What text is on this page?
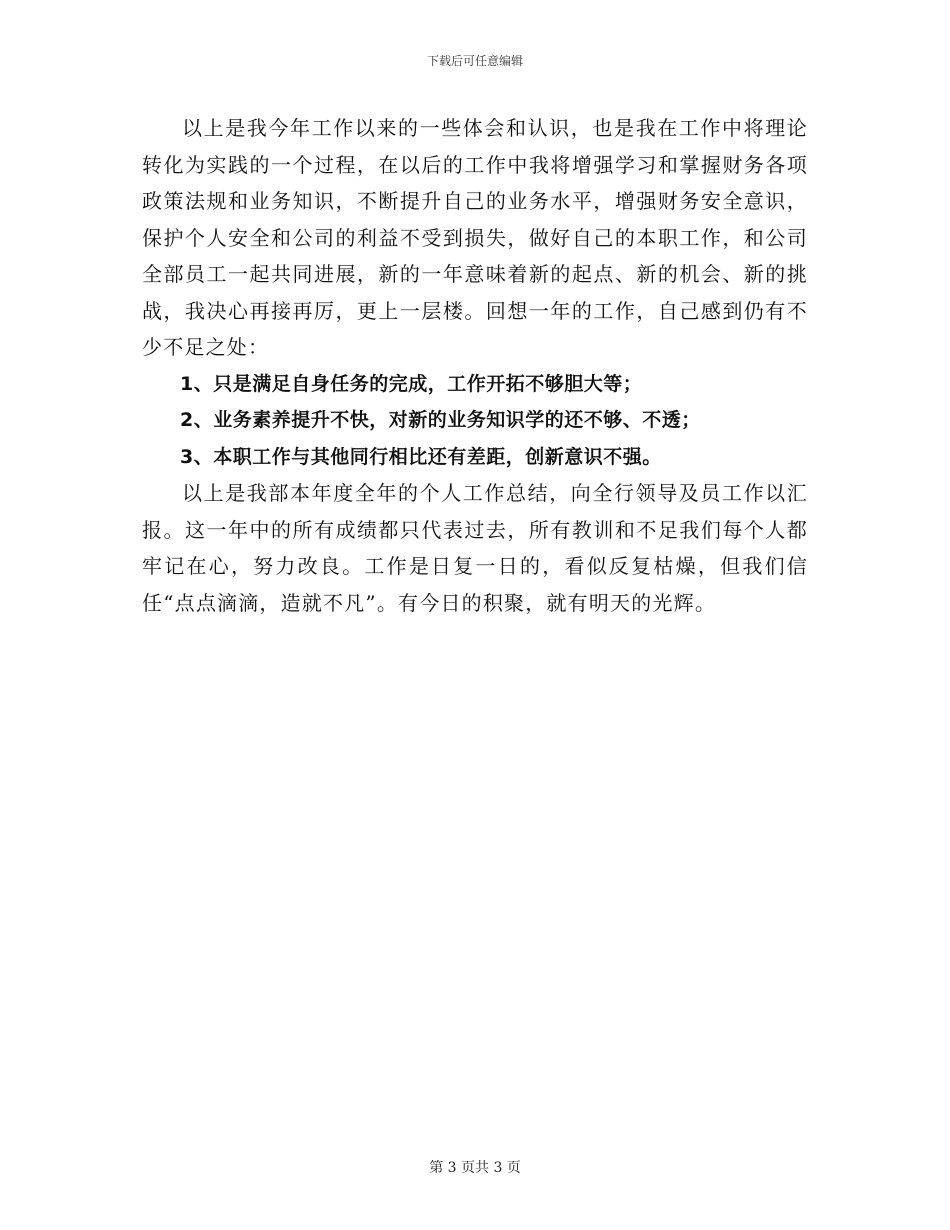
下载后可任意编辑

以上是我今年工作以来的一些体会和认识，也是我在工作中将理论转化为实践的一个过程，在以后的工作中我将增强学习和掌握财务各项政策法规和业务知识，不断提升自己的业务水平，增强财务安全意识，保护个人安全和公司的利益不受到损失，做好自己的本职工作，和公司全部员工一起共同进展，新的一年意味着新的起点、新的机会、新的挑战，我决心再接再厉，更上一层楼。回想一年的工作，自己感到仍有不少不足之处：

1、只是满足自身任务的完成，工作开拓不够胆大等；

2、业务素养提升不快，对新的业务知识学的还不够、不透；

3、本职工作与其他同行相比还有差距，创新意识不强。

以上是我部本年度全年的个人工作总结，向全行领导及员工作以汇报。这一年中的所有成绩都只代表过去，所有教训和不足我们每个人都牢记在心，努力改良。工作是日复一日的，看似反复枯燥，但我们信任“点点滴滴，造就不凡”。有今日的积聚，就有明天的光辉。

第 3 页共 3 页
